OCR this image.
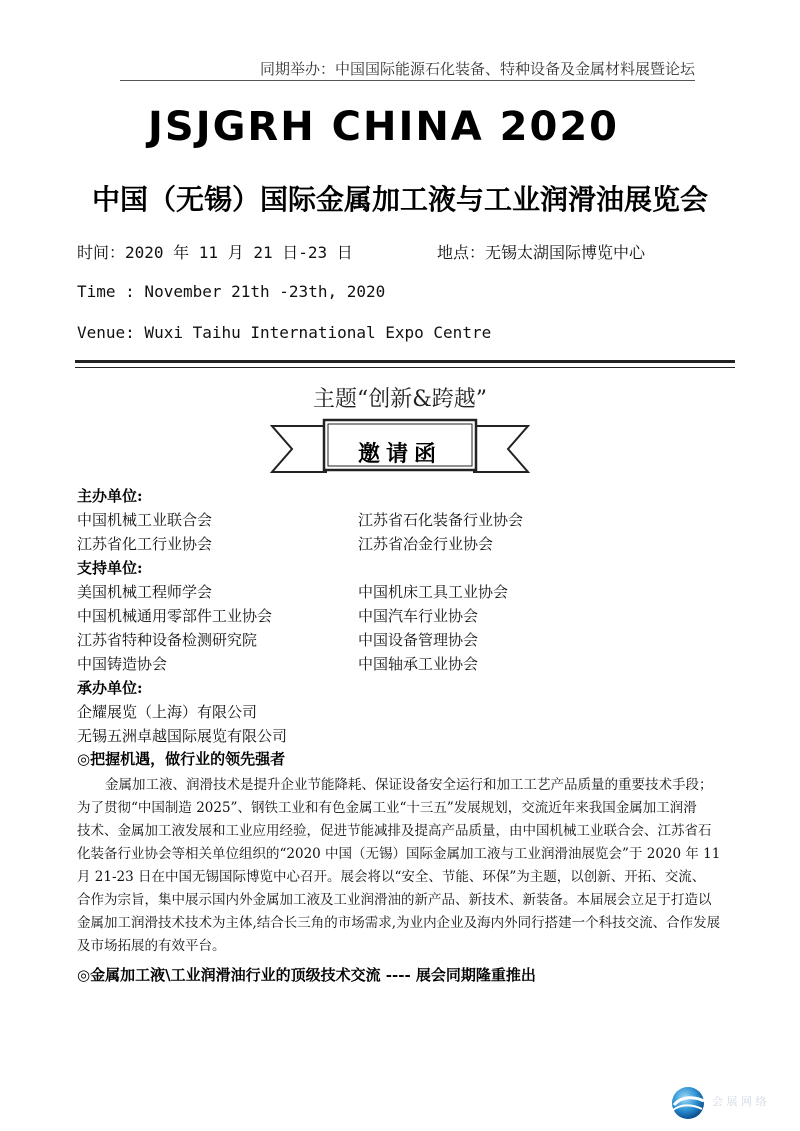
同期举办：中国国际能源石化装备、特种设备及金属材料展暨论坛
JSJGRH CHINA 2020
中国（无锡）国际金属加工液与工业润滑油展览会
时间：2020 年 11 月 21 日-23 日	地点：无锡太湖国际博览中心
Time : November 21th -23th, 2020
Venue: Wuxi Taihu International Expo Centre
主题“创新&跨越”
邀请函
主办单位:
中国机械工业联合会	江苏省石化装备行业协会
江苏省化工行业协会	江苏省冶金行业协会
支持单位:
美国机械工程师学会	中国机床工具工业协会
中国机械通用零部件工业协会	中国汽车行业协会
江苏省特种设备检测研究院	中国设备管理协会
中国铸造协会	中国轴承工业协会
承办单位:
企耀展览（上海）有限公司
无锡五洲卓越国际展览有限公司
◎把握机遇，做行业的领先强者
金属加工液、润滑技术是提升企业节能降耗、保证设备安全运行和加工工艺产品质量的重要技术手段；
为了贯彻“中国制造 2025”、钢铁工业和有色金属工业“十三五”发展规划，交流近年来我国金属加工润滑
技术、金属加工液发展和工业应用经验，促进节能减排及提高产品质量，由中国机械工业联合会、江苏省石
化装备行业协会等相关单位组织的“2020 中国（无锡）国际金属加工液与工业润滑油展览会”于 2020 年 11
月 21-23 日在中国无锡国际博览中心召开。展会将以“安全、节能、环保”为主题，以创新、开拓、交流、
合作为宗旨，集中展示国内外金属加工液及工业润滑油的新产品、新技术、新装备。本届展会立足于打造以
金属加工润滑技术技术为主体,结合长三角的市场需求,为业内企业及海内外同行搭建一个科技交流、合作发展
及市场拓展的有效平台。
◎金属加工液\工业润滑油行业的顶级技术交流 ---- 展会同期隆重推出
会 展 网 络
